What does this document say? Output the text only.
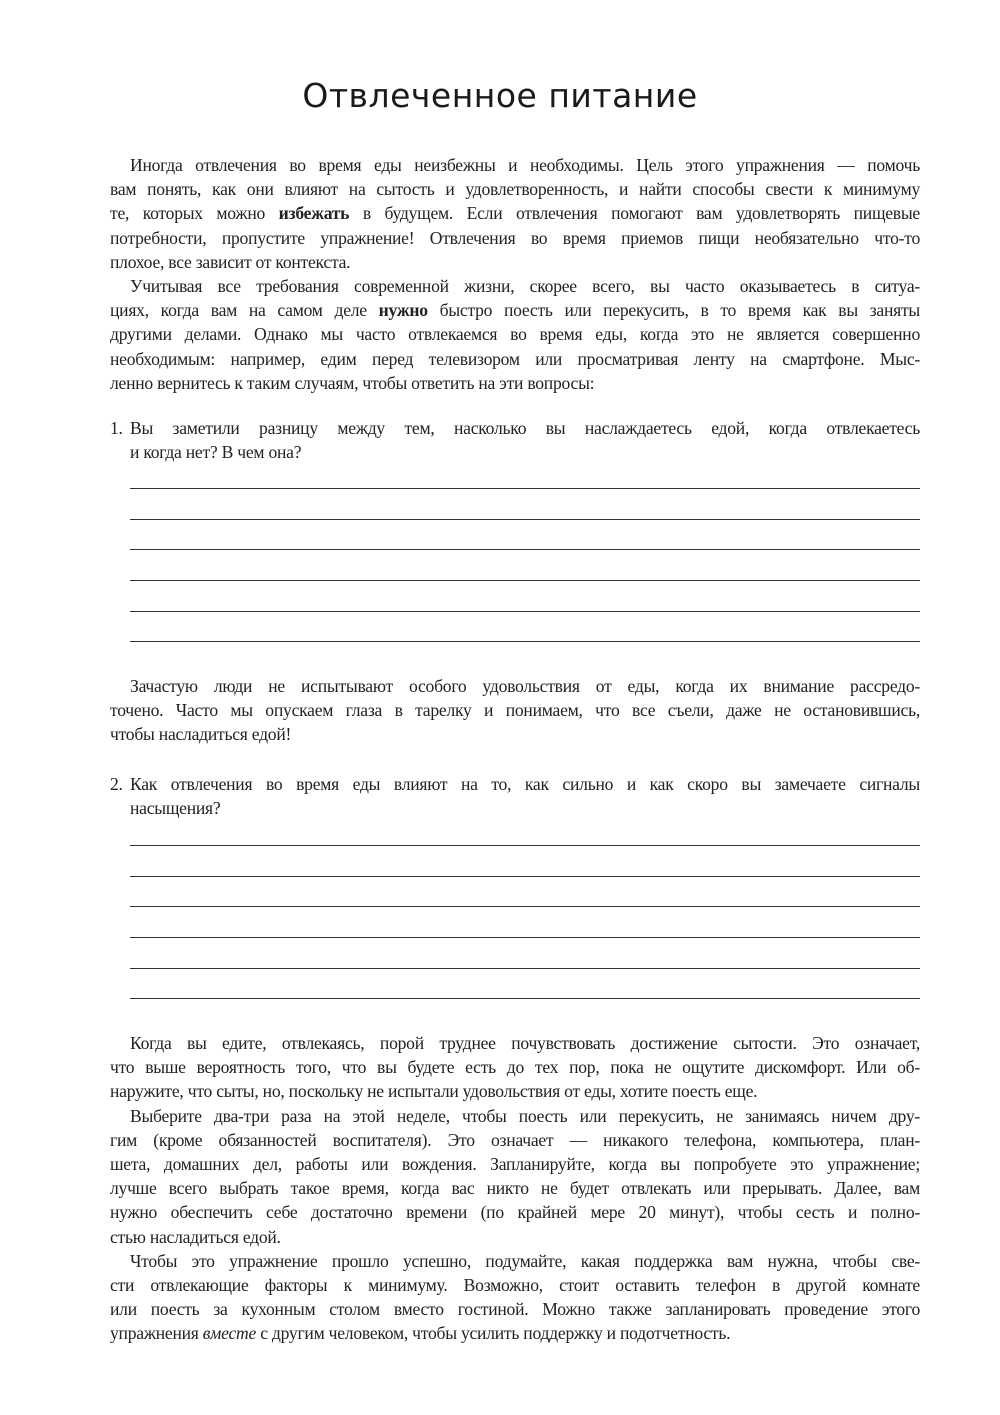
Отвлеченное питание
Иногда отвлечения во время еды неизбежны и необходимы. Цель этого упражнения — помочь
вам понять, как они влияют на сытость и удовлетворенность, и найти способы свести к минимуму
те, которых можно избежать в будущем. Если отвлечения помогают вам удовлетворять пищевые
потребности, пропустите упражнение! Отвлечения во время приемов пищи необязательно что-то
плохое, все зависит от контекста.
Учитывая все требования современной жизни, скорее всего, вы часто оказываетесь в ситуа-
циях, когда вам на самом деле нужно быстро поесть или перекусить, в то время как вы заняты
другими делами. Однако мы часто отвлекаемся во время еды, когда это не является совершенно
необходимым: например, едим перед телевизором или просматривая ленту на смартфоне. Мыс-
ленно вернитесь к таким случаям, чтобы ответить на эти вопросы:
1. Вы заметили разницу между тем, насколько вы наслаждаетесь едой, когда отвлекаетесь
и когда нет? В чем она?
Зачастую люди не испытывают особого удовольствия от еды, когда их внимание рассредо-
точено. Часто мы опускаем глаза в тарелку и понимаем, что все съели, даже не остановившись,
чтобы насладиться едой!
2. Как отвлечения во время еды влияют на то, как сильно и как скоро вы замечаете сигналы
насыщения?
Когда вы едите, отвлекаясь, порой труднее почувствовать достижение сытости. Это означает,
что выше вероятность того, что вы будете есть до тех пор, пока не ощутите дискомфорт. Или об-
наружите, что сыты, но, поскольку не испытали удовольствия от еды, хотите поесть еще.
Выберите два-три раза на этой неделе, чтобы поесть или перекусить, не занимаясь ничем дру-
гим (кроме обязанностей воспитателя). Это означает — никакого телефона, компьютера, план-
шета, домашних дел, работы или вождения. Запланируйте, когда вы попробуете это упражнение;
лучше всего выбрать такое время, когда вас никто не будет отвлекать или прерывать. Далее, вам
нужно обеспечить себе достаточно времени (по крайней мере 20 минут), чтобы сесть и полно-
стью насладиться едой.
Чтобы это упражнение прошло успешно, подумайте, какая поддержка вам нужна, чтобы све-
сти отвлекающие факторы к минимуму. Возможно, стоит оставить телефон в другой комнате
или поесть за кухонным столом вместо гостиной. Можно также запланировать проведение этого
упражнения вместе с другим человеком, чтобы усилить поддержку и подотчетность.
